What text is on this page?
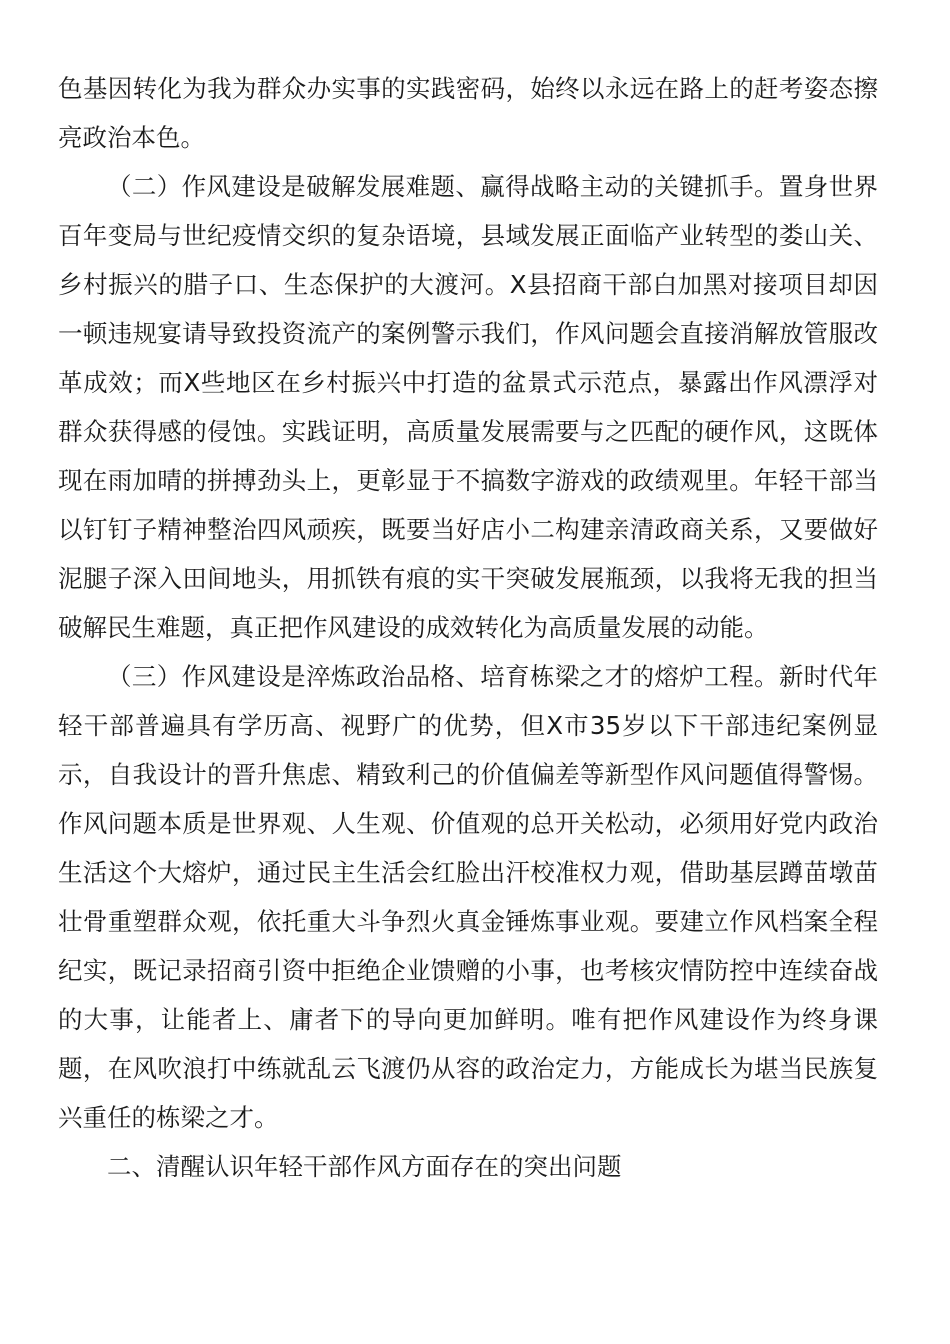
色基因转化为我为群众办实事的实践密码，始终以永远在路上的赶考姿态擦亮政治本色。

（二）作风建设是破解发展难题、赢得战略主动的关键抓手。置身世界百年变局与世纪疫情交织的复杂语境，县域发展正面临产业转型的娄山关、乡村振兴的腊子口、生态保护的大渡河。X县招商干部白加黑对接项目却因一顿违规宴请导致投资流产的案例警示我们，作风问题会直接消解放管服改革成效；而X些地区在乡村振兴中打造的盆景式示范点，暴露出作风漂浮对群众获得感的侵蚀。实践证明，高质量发展需要与之匹配的硬作风，这既体现在雨加晴的拼搏劲头上，更彰显于不搞数字游戏的政绩观里。年轻干部当以钉钉子精神整治四风顽疾，既要当好店小二构建亲清政商关系，又要做好泥腿子深入田间地头，用抓铁有痕的实干突破发展瓶颈，以我将无我的担当破解民生难题，真正把作风建设的成效转化为高质量发展的动能。

（三）作风建设是淬炼政治品格、培育栋梁之才的熔炉工程。新时代年轻干部普遍具有学历高、视野广的优势，但X市35岁以下干部违纪案例显示，自我设计的晋升焦虑、精致利己的价值偏差等新型作风问题值得警惕。作风问题本质是世界观、人生观、价值观的总开关松动，必须用好党内政治生活这个大熔炉，通过民主生活会红脸出汗校准权力观，借助基层蹲苗墩苗壮骨重塑群众观，依托重大斗争烈火真金锤炼事业观。要建立作风档案全程纪实，既记录招商引资中拒绝企业馈赠的小事，也考核灾情防控中连续奋战的大事，让能者上、庸者下的导向更加鲜明。唯有把作风建设作为终身课题，在风吹浪打中练就乱云飞渡仍从容的政治定力，方能成长为堪当民族复兴重任的栋梁之才。

二、清醒认识年轻干部作风方面存在的突出问题
